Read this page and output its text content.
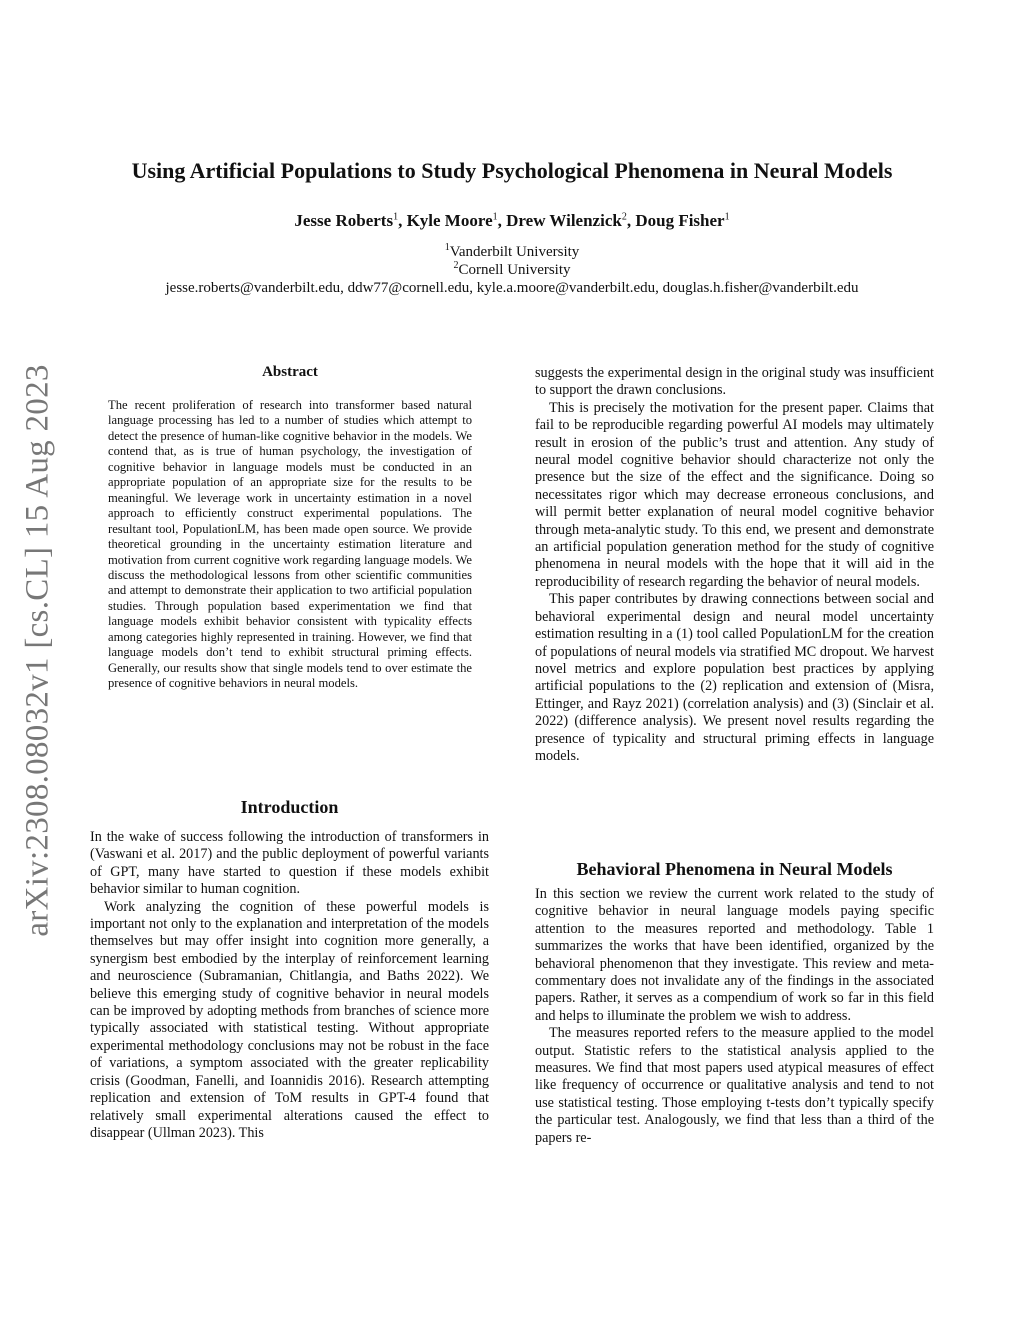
arXiv:2308.08032v1 [cs.CL] 15 Aug 2023
Using Artificial Populations to Study Psychological Phenomena in Neural Models
Jesse Roberts$^1$, Kyle Moore$^1$, Drew Wilenzick$^2$, Doug Fisher$^1$
$^1$Vanderbilt University
$^2$Cornell University
jesse.roberts@vanderbilt.edu, ddw77@cornell.edu, kyle.a.moore@vanderbilt.edu, douglas.h.fisher@vanderbilt.edu
Abstract
The recent proliferation of research into transformer based natural language processing has led to a number of studies which attempt to detect the presence of human-like cognitive behavior in the models. We contend that, as is true of human psychology, the investigation of cognitive behavior in language models must be conducted in an appropriate population of an appropriate size for the results to be meaningful. We leverage work in uncertainty estimation in a novel approach to efficiently construct experimental populations. The resultant tool, PopulationLM, has been made open source. We provide theoretical grounding in the uncertainty estimation literature and motivation from current cognitive work regarding language models. We discuss the methodological lessons from other scientific communities and attempt to demonstrate their application to two artificial population studies. Through population based experimentation we find that language models exhibit behavior consistent with typicality effects among categories highly represented in training. However, we find that language models don’t tend to exhibit structural priming effects. Generally, our results show that single models tend to over estimate the presence of cognitive behaviors in neural models.
Introduction

In the wake of success following the introduction of transformers in (Vaswani et al. 2017) and the public deployment of powerful variants of GPT, many have started to question if these models exhibit behavior similar to human cognition.

Work analyzing the cognition of these powerful models is important not only to the explanation and interpretation of the models themselves but may offer insight into cognition more generally, a synergism best embodied by the interplay of reinforcement learning and neuroscience (Subramanian, Chitlangia, and Baths 2022). We believe this emerging study of cognitive behavior in neural models can be improved by adopting methods from branches of science more typically associated with statistical testing. Without appropriate experimental methodology conclusions may not be robust in the face of variations, a symptom associated with the greater replicability crisis (Goodman, Fanelli, and Ioannidis 2016). Research attempting replication and extension of ToM results in GPT-4 found that relatively small experimental alterations caused the effect to disappear (Ullman 2023). This

suggests the experimental design in the original study was insufficient to support the drawn conclusions.

This is precisely the motivation for the present paper. Claims that fail to be reproducible regarding powerful AI models may ultimately result in erosion of the public’s trust and attention. Any study of neural model cognitive behavior should characterize not only the presence but the size of the effect and the significance. Doing so necessitates rigor which may decrease erroneous conclusions, and will permit better explanation of neural model cognitive behavior through meta-analytic study. To this end, we present and demonstrate an artificial population generation method for the study of cognitive phenomena in neural models with the hope that it will aid in the reproducibility of research regarding the behavior of neural models.

This paper contributes by drawing connections between social and behavioral experimental design and neural model uncertainty estimation resulting in a (1) tool called PopulationLM for the creation of populations of neural models via stratified MC dropout. We harvest novel metrics and explore population best practices by applying artificial populations to the (2) replication and extension of (Misra, Ettinger, and Rayz 2021) (correlation analysis) and (3) (Sinclair et al. 2022) (difference analysis). We present novel results regarding the presence of typicality and structural priming effects in language models.

Behavioral Phenomena in Neural Models

In this section we review the current work related to the study of cognitive behavior in neural language models paying specific attention to the measures reported and methodology. Table 1 summarizes the works that have been identified, organized by the behavioral phenomenon that they investigate. This review and meta-commentary does not invalidate any of the findings in the associated papers. Rather, it serves as a compendium of work so far in this field and helps to illuminate the problem we wish to address.

The measures reported refers to the measure applied to the model output. Statistic refers to the statistical analysis applied to the measures. We find that most papers used atypical measures of effect like frequency of occurrence or qualitative analysis and tend to not use statistical testing. Those employing t-tests don’t typically specify the particular test. Analogously, we find that less than a third of the papers re-
